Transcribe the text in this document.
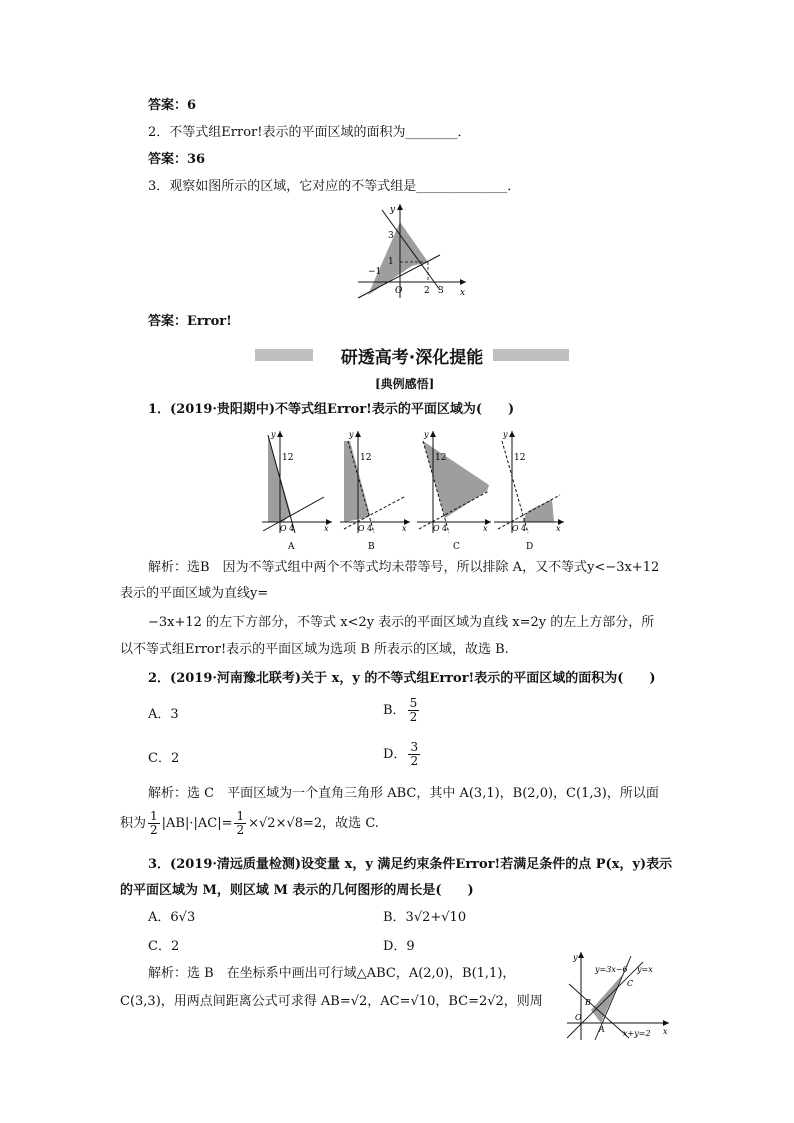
答案：6
2．不等式组Error!表示的平面区域的面积为________．
答案：36
3．观察如图所示的区域，它对应的不等式组是______________．
y
x
3
1
−1
O 2 3
答案：Error!
研透高考·深化提能
[典例感悟]
1．(2019·贵阳期中)不等式组Error!表示的平面区域为(　　)
y
12
O 4	x
A
y
12
O 4	x
B
y
12
O 4	x
C
y
12
O 4	x
D
解析：选B　因为不等式组中两个不等式均未带等号，所以排除 A，又不等式y<−3x+12
表示的平面区域为直线y=
−3x+12 的左下方部分，不等式 x<2y 表示的平面区域为直线 x=2y 的左上方部分，所
以不等式组Error!表示的平面区域为选项 B 所表示的区域，故选 B.
2．(2019·河南豫北联考)关于 x，y 的不等式组Error!表示的平面区域的面积为(　　)
A．3	B． $\frac{5}{2}$
C．2	D． $\frac{3}{2}$
解析：选 C　平面区域为一个直角三角形 ABC，其中 A(3,1)，B(2,0)，C(1,3)，所以面
积为 $\frac{1}{2} |AB|\cdot|AC|= \frac{1}{2} \times√2\times√8=2$，故选 C.
3．(2019·清远质量检测)设变量 x，y 满足约束条件Error!若满足条件的点 P(x，y)表示
的平面区域为 M，则区域 M 表示的几何图形的周长是(　　)
A．6√3	B．3√2+√10
C．2	D．9
解析：选 B　在坐标系中画出可行域△ABC，A(2,0)，B(1,1)，
C(3,3)，用两点间距离公式可求得 AB=√2，AC=√10，BC=2√2，则周
y
x
O
A
B
C
y=3x−6 y=x
x+y=2
